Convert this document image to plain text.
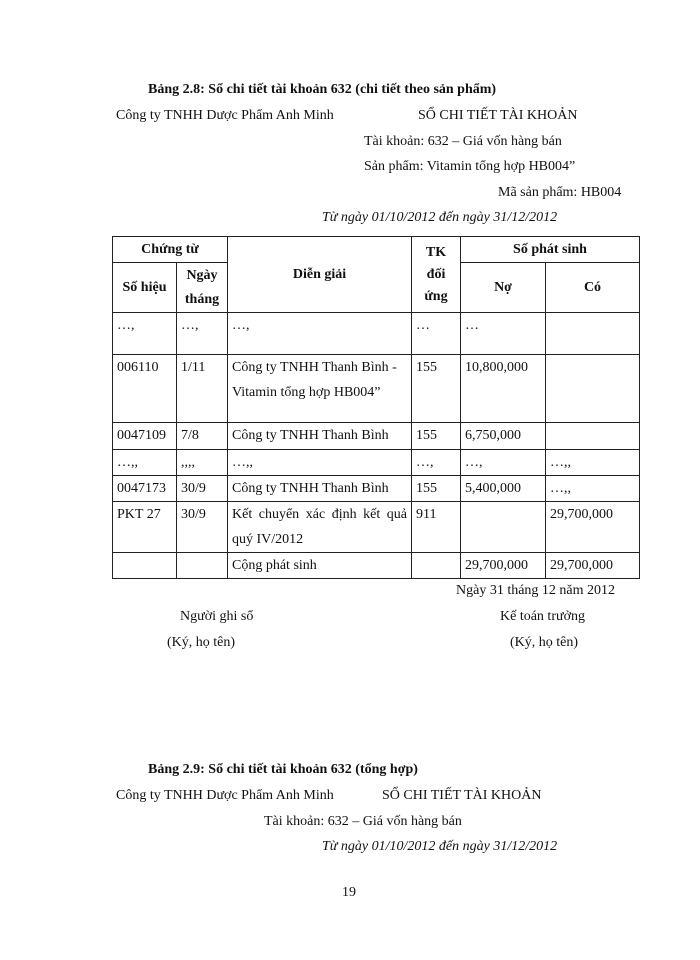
Bảng 2.8: Sổ chi tiết tài khoản 632 (chi tiết theo sản phẩm)
Công ty TNHH Dược Phẩm Anh Minh	SỔ CHI TIẾT TÀI KHOẢN
Tài khoản: 632 – Giá vốn hàng bán
Sản phẩm: Vitamin tổng hợp HB004”
Mã sản phẩm: HB004
Từ ngày 01/10/2012 đến ngày 31/12/2012
Chứng từ		Diễn giải	TK đối ứng	Số phát sinh	
Số hiệu	Ngày tháng			Nợ	Có
…,	…,	…,	…	…	
006110	1/11	Công ty TNHH Thanh Bình - Vitamin tổng hợp HB004”	155	10,800,000	
0047109	7/8	Công ty TNHH Thanh Bình	155	6,750,000	
…,,	,,,,	…,,	…,	…,	…,,
0047173	30/9	Công ty TNHH Thanh Bình	155	5,400,000	…,,
PKT 27	30/9	Kết chuyển xác định kết quả quý IV/2012	911		29,700,000
		Cộng phát sinh		29,700,000	29,700,000
Ngày 31 tháng 12 năm 2012
Người ghi sổ	Kế toán trưởng
(Ký, họ tên)	(Ký, họ tên)
Bảng 2.9: Sổ chi tiết tài khoản 632 (tổng hợp)
Công ty TNHH Dược Phẩm Anh Minh	SỔ CHI TIẾT TÀI KHOẢN
Tài khoản: 632 – Giá vốn hàng bán
Từ ngày 01/10/2012 đến ngày 31/12/2012
19
